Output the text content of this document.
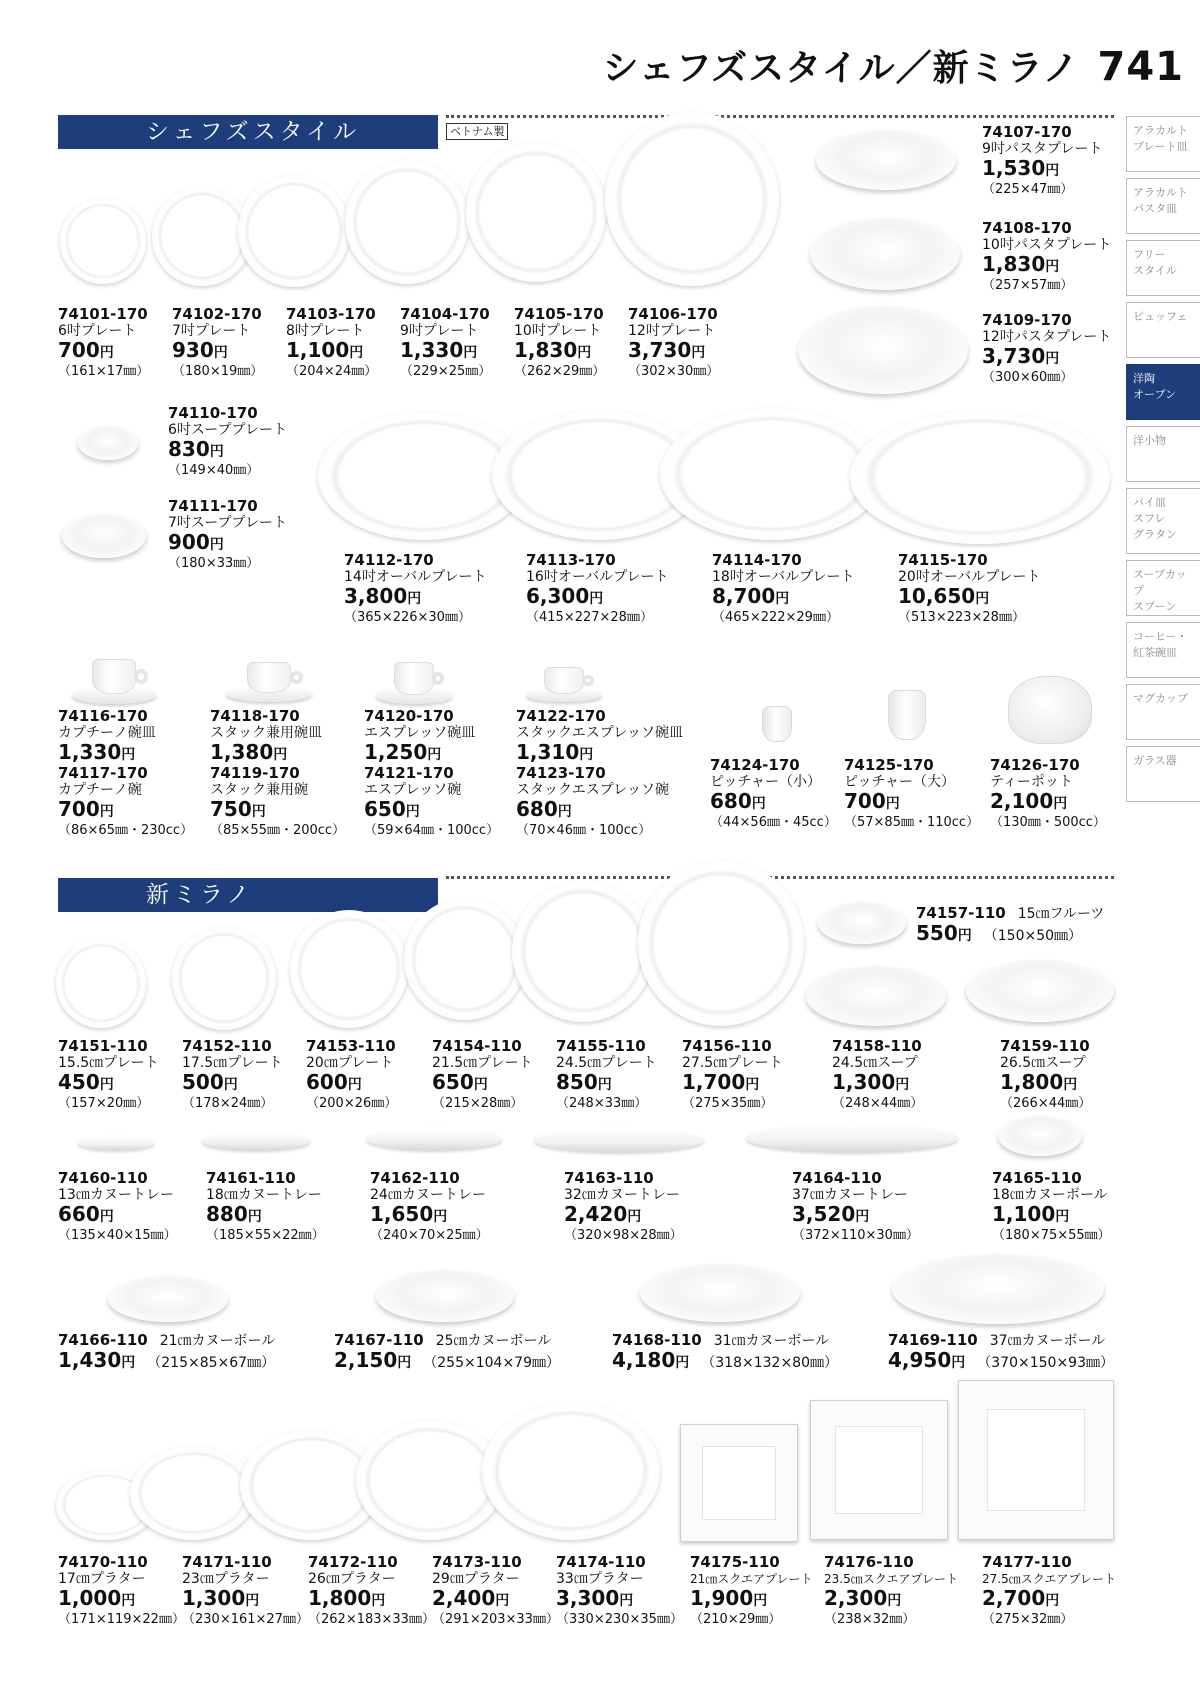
シェフズスタイル／新ミラノ 741
シェフズスタイル	ベトナム製
74101-170
6吋プレート
700円
（161×17㎜）
74102-170
7吋プレート
930円
（180×19㎜）
74103-170
8吋プレート
1,100円
（204×24㎜）
74104-170
9吋プレート
1,330円
（229×25㎜）
74105-170
10吋プレート
1,830円
（262×29㎜）
74106-170
12吋プレート
3,730円
（302×30㎜）
74107-170
9吋パスタプレート
1,530円
（225×47㎜）
74108-170
10吋パスタプレート
1,830円
（257×57㎜）
74109-170
12吋パスタプレート
3,730円
（300×60㎜）
74110-170
6吋スーププレート
830円
（149×40㎜）
74111-170
7吋スーププレート
900円
（180×33㎜）	74112-170
14吋オーバルプレート
3,800円
（365×226×30㎜）
74113-170
16吋オーバルプレート
6,300円
（415×227×28㎜）
74114-170
18吋オーバルプレート
8,700円
（465×222×29㎜）
74115-170
20吋オーバルプレート
10,650円
（513×223×28㎜）
74116-170
カプチーノ碗皿
1,330円
74117-170
カプチーノ碗
700円
（86×65㎜・230cc）
74118-170
スタック兼用碗皿
1,380円
74119-170
スタック兼用碗
750円
（85×55㎜・200cc）
74120-170
エスプレッソ碗皿
1,250円
74121-170
エスプレッソ碗
650円
（59×64㎜・100cc）
74122-170
スタックエスプレッソ碗皿
1,310円
74123-170
スタックエスプレッソ碗
680円
（70×46㎜・100cc）
74124-170
ピッチャー（小）
680円
（44×56㎜・45cc）
74125-170
ピッチャー（大）
700円
（57×85㎜・110cc）
74126-170
ティーポット
2,100円
（130㎜・500cc）
新ミラノ
74157-110 15㎝フルーツ
550円 （150×50㎜）
74151-110
15.5㎝プレート
450円
（157×20㎜）
74152-110
17.5㎝プレート
500円
（178×24㎜）
74153-110
20㎝プレート
600円
（200×26㎜）
74154-110
21.5㎝プレート
650円
（215×28㎜）
74155-110
24.5㎝プレート
850円
（248×33㎜）
74156-110
27.5㎝プレート
1,700円
（275×35㎜）
74158-110
24.5㎝スープ
1,300円
（248×44㎜）
74159-110
26.5㎝スープ
1,800円
（266×44㎜）
74160-110
13㎝カヌートレー
660円
（135×40×15㎜）
74161-110
18㎝カヌートレー
880円
（185×55×22㎜）
74162-110
24㎝カヌートレー
1,650円
（240×70×25㎜）
74163-110
32㎝カヌートレー
2,420円
（320×98×28㎜）
74164-110
37㎝カヌートレー
3,520円
（372×110×30㎜）
74165-110
18㎝カヌーボール
1,100円
（180×75×55㎜）
74166-110 21㎝カヌーボール
1,430円 （215×85×67㎜）
74167-110 25㎝カヌーボール
2,150円 （255×104×79㎜）
74168-110 31㎝カヌーボール
4,180円 （318×132×80㎜）
74169-110 37㎝カヌーボール
4,950円 （370×150×93㎜）
74170-110
17㎝プラター
1,000円
（171×119×22㎜）
74171-110
23㎝プラター
1,300円
（230×161×27㎜）
74172-110
26㎝プラター
1,800円
（262×183×33㎜）
74173-110
29㎝プラター
2,400円
（291×203×33㎜）
74174-110
33㎝プラター
3,300円
（330×230×35㎜）
74175-110
21㎝スクエアプレート
1,900円
（210×29㎜）
74176-110
23.5㎝スクエアプレート
2,300円
（238×32㎜）
74177-110
27.5㎝スクエアプレート
2,700円
（275×32㎜）
アラカルト
プレート皿
アラカルト
パスタ皿
フリー
スタイル
ビュッフェ
洋陶
オーブン
洋小物
パイ皿
スフレ
グラタン
スープカップ
スプーン
コーヒー・
紅茶碗皿
マグカップ
ガラス器
